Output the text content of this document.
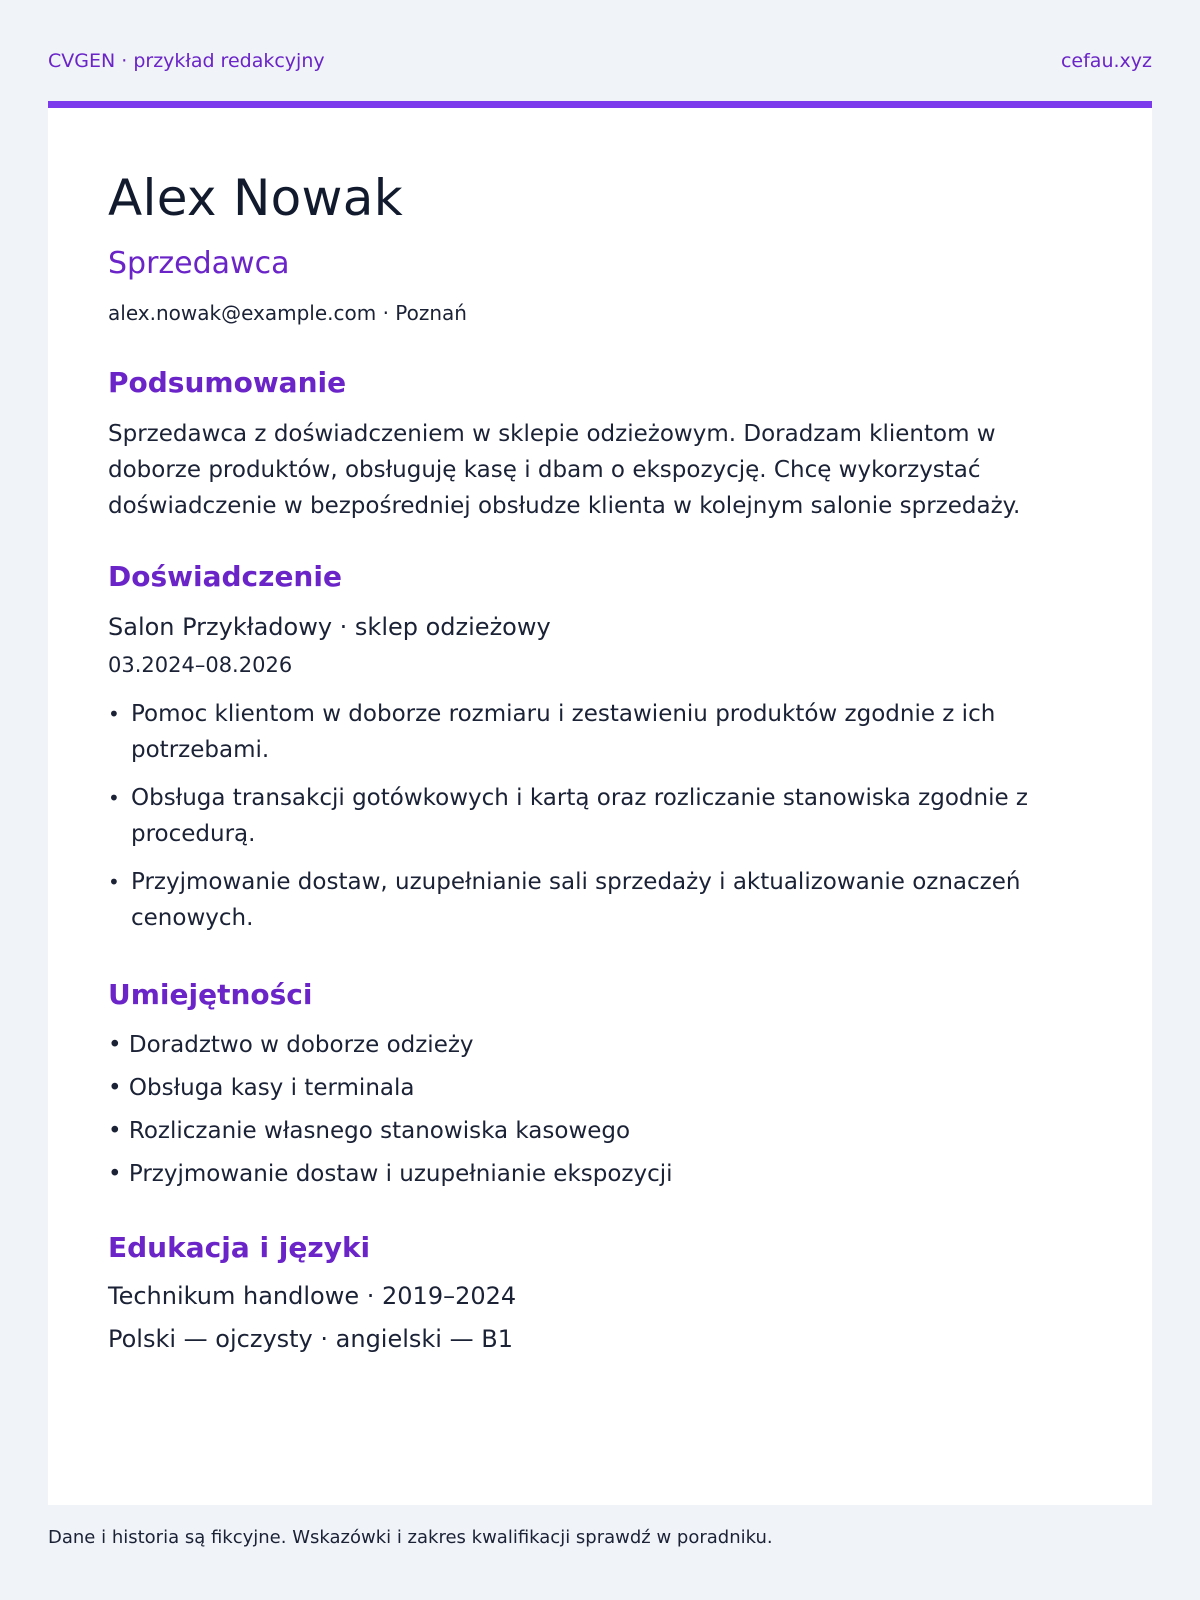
CVGEN · przykład redakcyjny	cefau.xyz
Alex Nowak
Sprzedawca
alex.nowak@example.com · Poznań
Podsumowanie
Sprzedawca z doświadczeniem w sklepie odzieżowym. Doradzam klientom w doborze produktów, obsługuję kasę i dbam o ekspozycję. Chcę wykorzystać doświadczenie w bezpośredniej obsłudze klienta w kolejnym salonie sprzedaży.
Doświadczenie
Salon Przykładowy · sklep odzieżowy
03.2024–08.2026
• Pomoc klientom w doborze rozmiaru i zestawieniu produktów zgodnie z ich potrzebami.
• Obsługa transakcji gotówkowych i kartą oraz rozliczanie stanowiska zgodnie z procedurą.
• Przyjmowanie dostaw, uzupełnianie sali sprzedaży i aktualizowanie oznaczeń cenowych.
Umiejętności
• Doradztwo w doborze odzieży
• Obsługa kasy i terminala
• Rozliczanie własnego stanowiska kasowego
• Przyjmowanie dostaw i uzupełnianie ekspozycji
Edukacja i języki
Technikum handlowe · 2019–2024
Polski — ojczysty · angielski — B1
Dane i historia są fikcyjne. Wskazówki i zakres kwalifikacji sprawdź w poradniku.
